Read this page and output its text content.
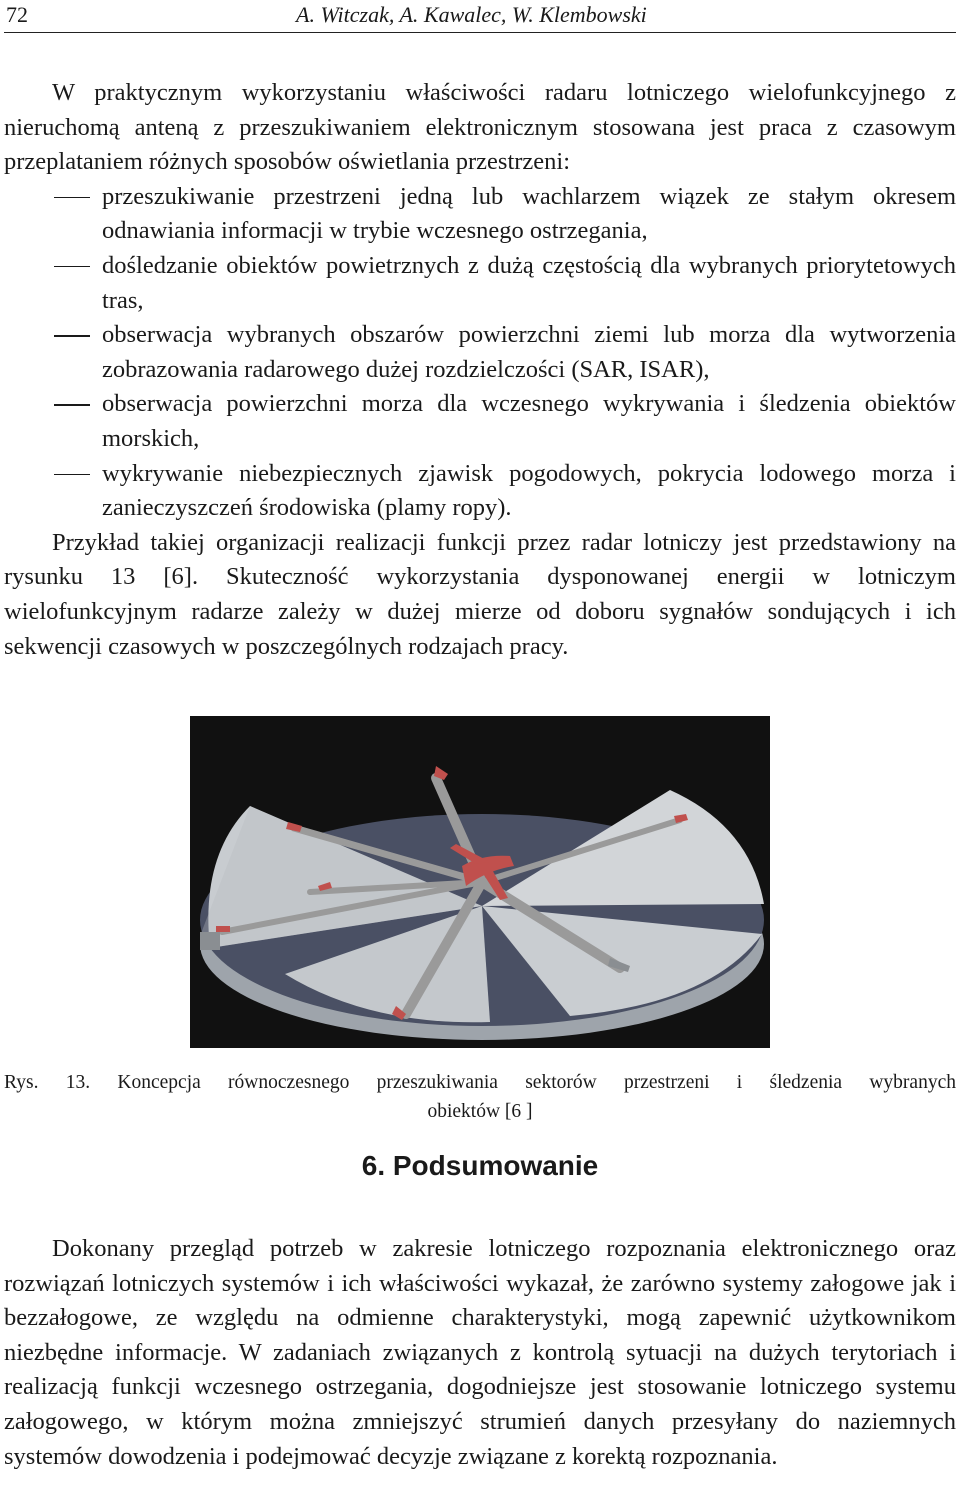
72	A. Witczak, A. Kawalec, W. Klembowski

W praktycznym wykorzystaniu właściwości radaru lotniczego wielofunkcyjnego z nieruchomą anteną z przeszukiwaniem elektronicznym stosowana jest praca z czasowym przeplataniem różnych sposobów oświetlania przestrzeni:

przeszukiwanie przestrzeni jedną lub wachlarzem wiązek ze stałym okresem odnawiania informacji w trybie wczesnego ostrzegania,
dośledzanie obiektów powietrznych z dużą częstością dla wybranych priorytetowych tras,
obserwacja wybranych obszarów powierzchni ziemi lub morza dla wytworzenia zobrazowania radarowego dużej rozdzielczości (SAR, ISAR),
obserwacja powierzchni morza dla wczesnego wykrywania i śledzenia obiektów morskich,
wykrywanie niebezpiecznych zjawisk pogodowych, pokrycia lodowego morza i zanieczyszczeń środowiska (plamy ropy).

Przykład takiej organizacji realizacji funkcji przez radar lotniczy jest przedstawiony na rysunku 13 [6]. Skuteczność wykorzystania dysponowanej energii w lotniczym wielofunkcyjnym radarze zależy w dużej mierze od doboru sygnałów sondujących i ich sekwencji czasowych w poszczególnych rodzajach pracy.

Rys. 13. Koncepcja równoczesnego przeszukiwania sektorów przestrzeni i śledzenia wybranych
obiektów [6 ]
6. Podsumowanie

Dokonany przegląd potrzeb w zakresie lotniczego rozpoznania elektronicznego oraz rozwiązań lotniczych systemów i ich właściwości wykazał, że zarówno systemy załogowe jak i bezzałogowe, ze względu na odmienne charakterystyki, mogą zapewnić użytkownikom niezbędne informacje. W zadaniach związanych z kontrolą sytuacji na dużych terytoriach i realizacją funkcji wczesnego ostrzegania, dogodniejsze jest stosowanie lotniczego systemu załogowego, w którym można zmniejszyć strumień danych przesyłany do naziemnych systemów dowodzenia i podejmować decyzje związane z korektą rozpoznania.
